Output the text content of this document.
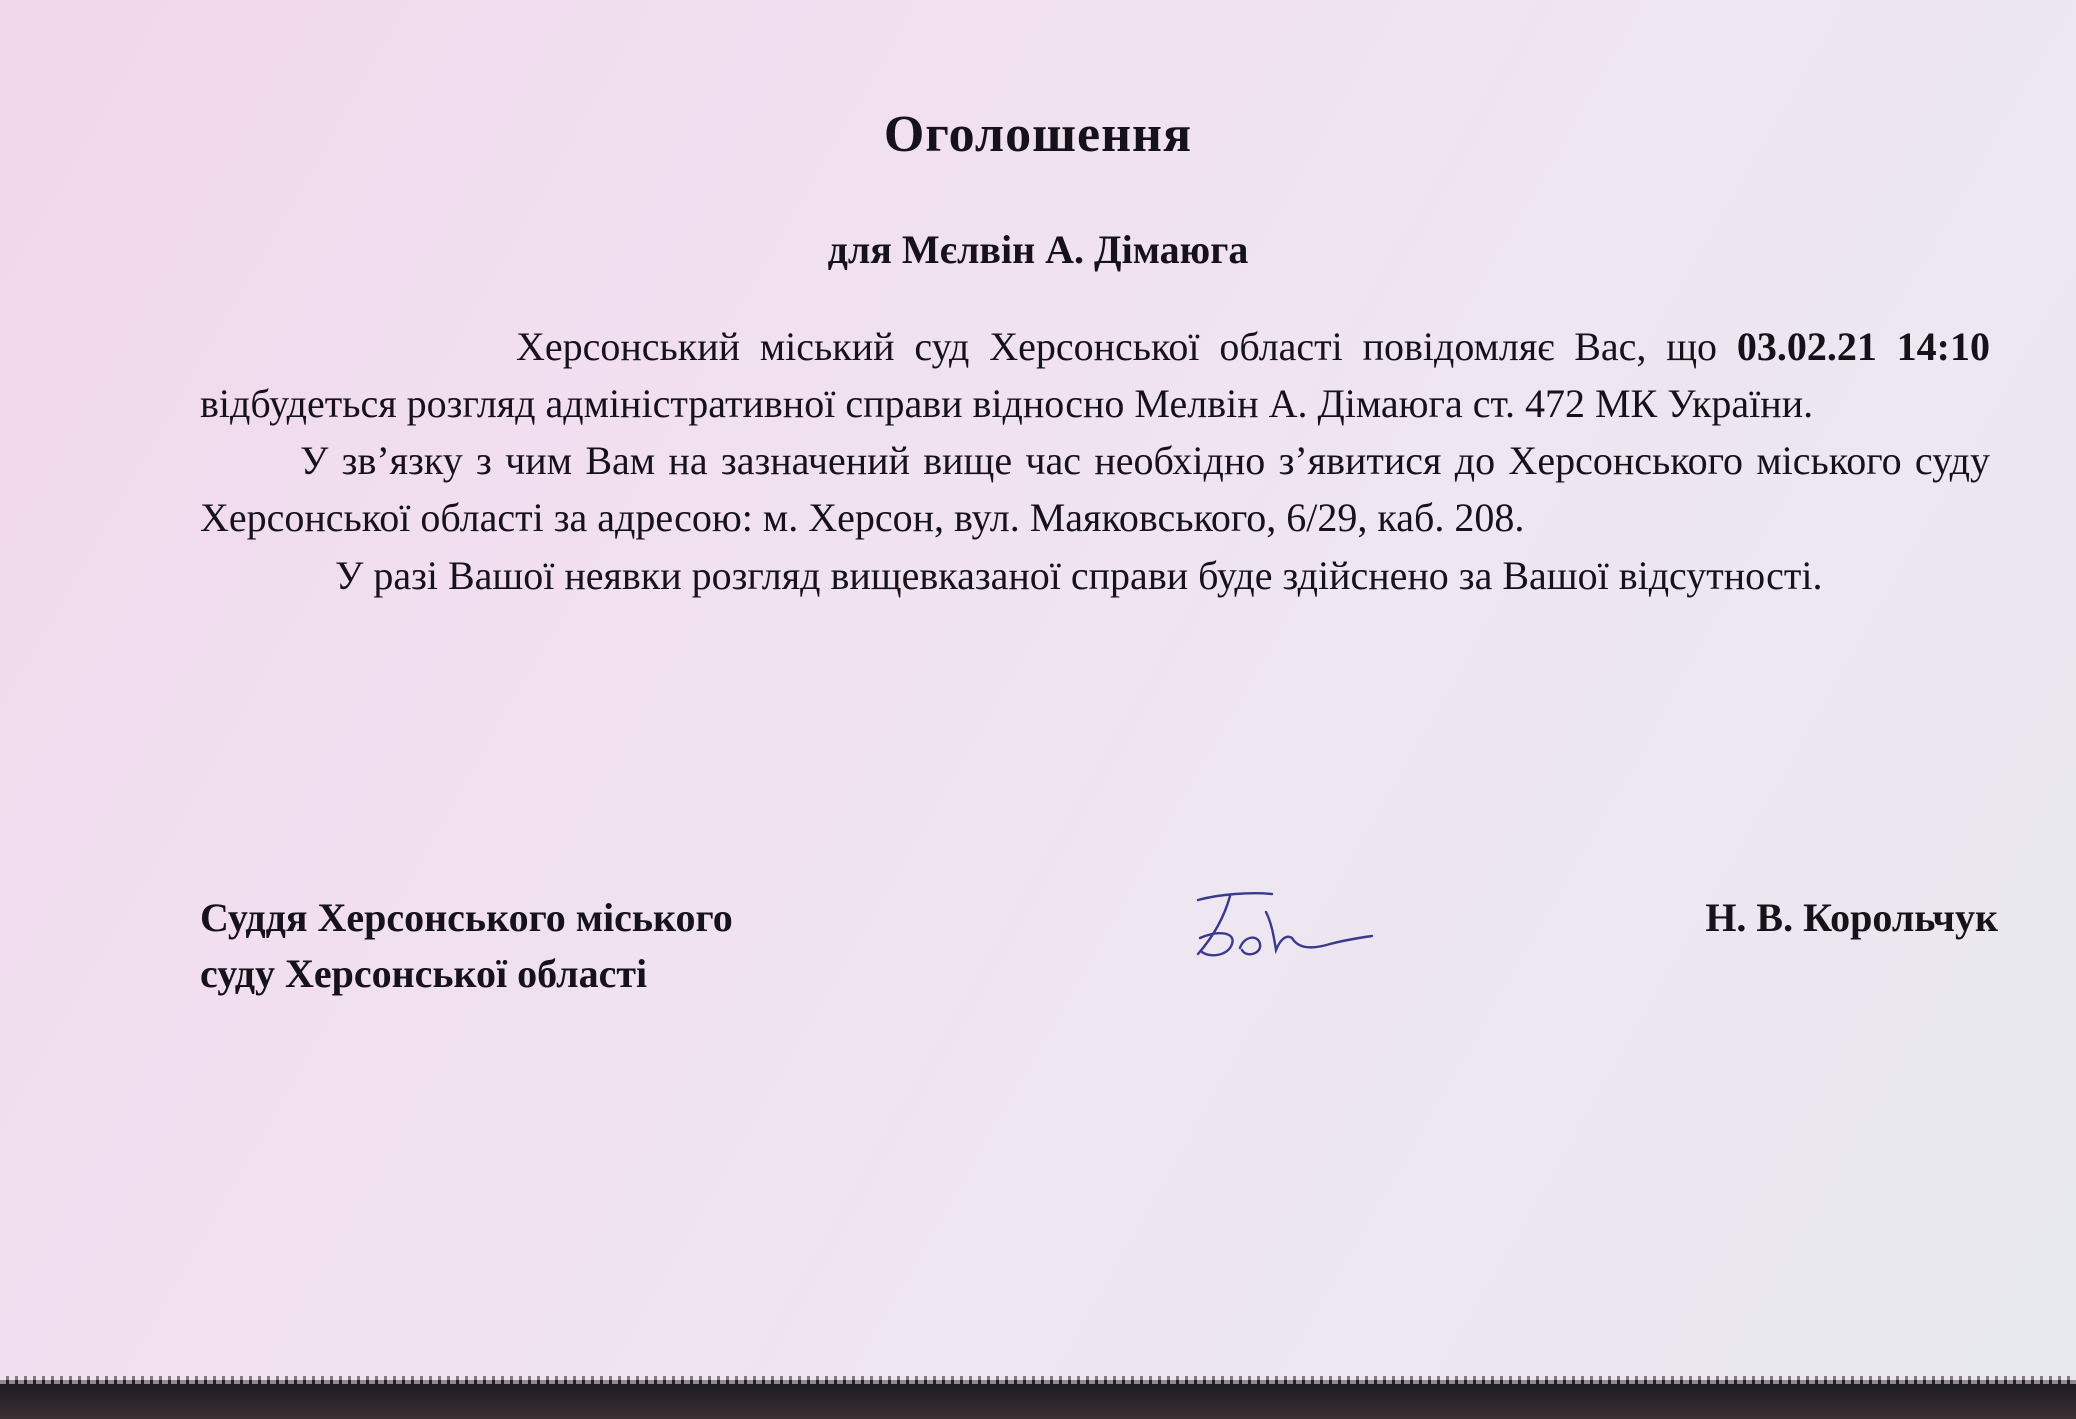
Оголошення
для Мєлвін А. Дімаюга

Херсонський міський суд Херсонської області повідомляє Вас, що 03.02.21 14:10 відбудеться розгляд адміністративної справи відносно Мелвін А. Дімаюга ст. 472 МК України.

У зв’язку з чим Вам на зазначений вище час необхідно з’явитися до Херсонського міського суду Херсонської області за адресою: м. Херсон, вул. Маяковського, 6/29, каб. 208.

У разі Вашої неявки розгляд вищевказаної справи буде здійснено за Вашої відсутності.

Суддя Херсонського міського
суду Херсонської області
Н. В. Корольчук
